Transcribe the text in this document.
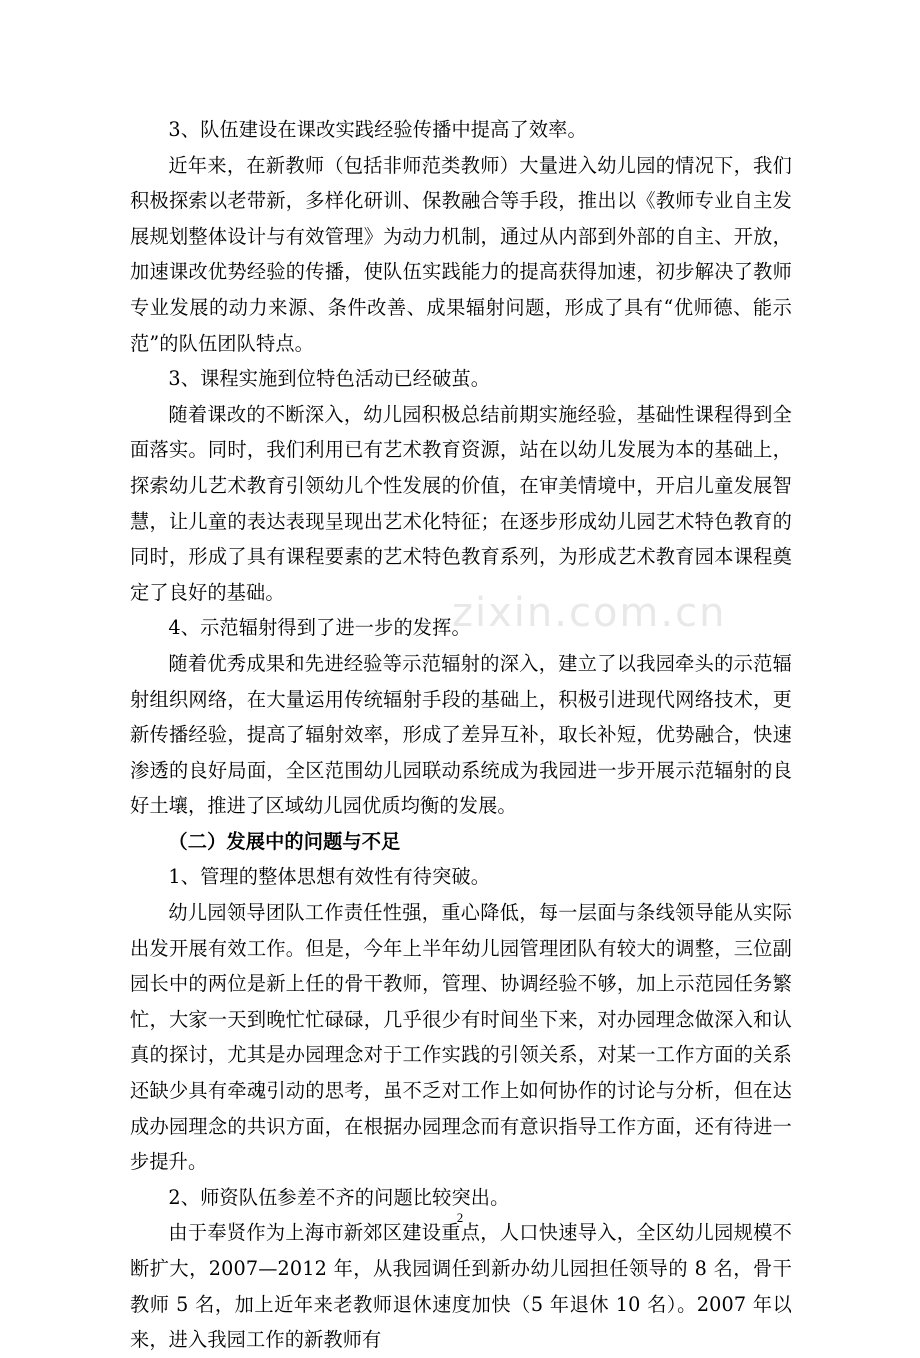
3、队伍建设在课改实践经验传播中提高了效率。

近年来，在新教师（包括非师范类教师）大量进入幼儿园的情况下，我们积极探索以老带新，多样化研训、保教融合等手段，推出以《教师专业自主发展规划整体设计与有效管理》为动力机制，通过从内部到外部的自主、开放，加速课改优势经验的传播，使队伍实践能力的提高获得加速，初步解决了教师专业发展的动力来源、条件改善、成果辐射问题，形成了具有“优师德、能示范”的队伍团队特点。

3、课程实施到位特色活动已经破茧。

随着课改的不断深入，幼儿园积极总结前期实施经验，基础性课程得到全面落实。同时，我们利用已有艺术教育资源，站在以幼儿发展为本的基础上，探索幼儿艺术教育引领幼儿个性发展的价值，在审美情境中，开启儿童发展智慧，让儿童的表达表现呈现出艺术化特征；在逐步形成幼儿园艺术特色教育的同时，形成了具有课程要素的艺术特色教育系列，为形成艺术教育园本课程奠定了良好的基础。

4、示范辐射得到了进一步的发挥。

随着优秀成果和先进经验等示范辐射的深入，建立了以我园牵头的示范辐射组织网络，在大量运用传统辐射手段的基础上，积极引进现代网络技术，更新传播经验，提高了辐射效率，形成了差异互补，取长补短，优势融合，快速渗透的良好局面，全区范围幼儿园联动系统成为我园进一步开展示范辐射的良好土壤，推进了区域幼儿园优质均衡的发展。

（二）发展中的问题与不足

1、管理的整体思想有效性有待突破。

幼儿园领导团队工作责任性强，重心降低，每一层面与条线领导能从实际出发开展有效工作。但是，今年上半年幼儿园管理团队有较大的调整，三位副园长中的两位是新上任的骨干教师，管理、协调经验不够，加上示范园任务繁忙，大家一天到晚忙忙碌碌，几乎很少有时间坐下来，对办园理念做深入和认真的探讨，尤其是办园理念对于工作实践的引领关系，对某一工作方面的关系还缺少具有牵魂引动的思考，虽不乏对工作上如何协作的讨论与分析，但在达成办园理念的共识方面，在根据办园理念而有意识指导工作方面，还有待进一步提升。

2、师资队伍参差不齐的问题比较突出。

由于奉贤作为上海市新郊区建设重点，人口快速导入，全区幼儿园规模不断扩大，2007—2012 年，从我园调任到新办幼儿园担任领导的 8 名，骨干教师 5 名，加上近年来老教师退休速度加快（5 年退休 10 名）。2007 年以来，进入我园工作的新教师有

zixin.com.cn
2
